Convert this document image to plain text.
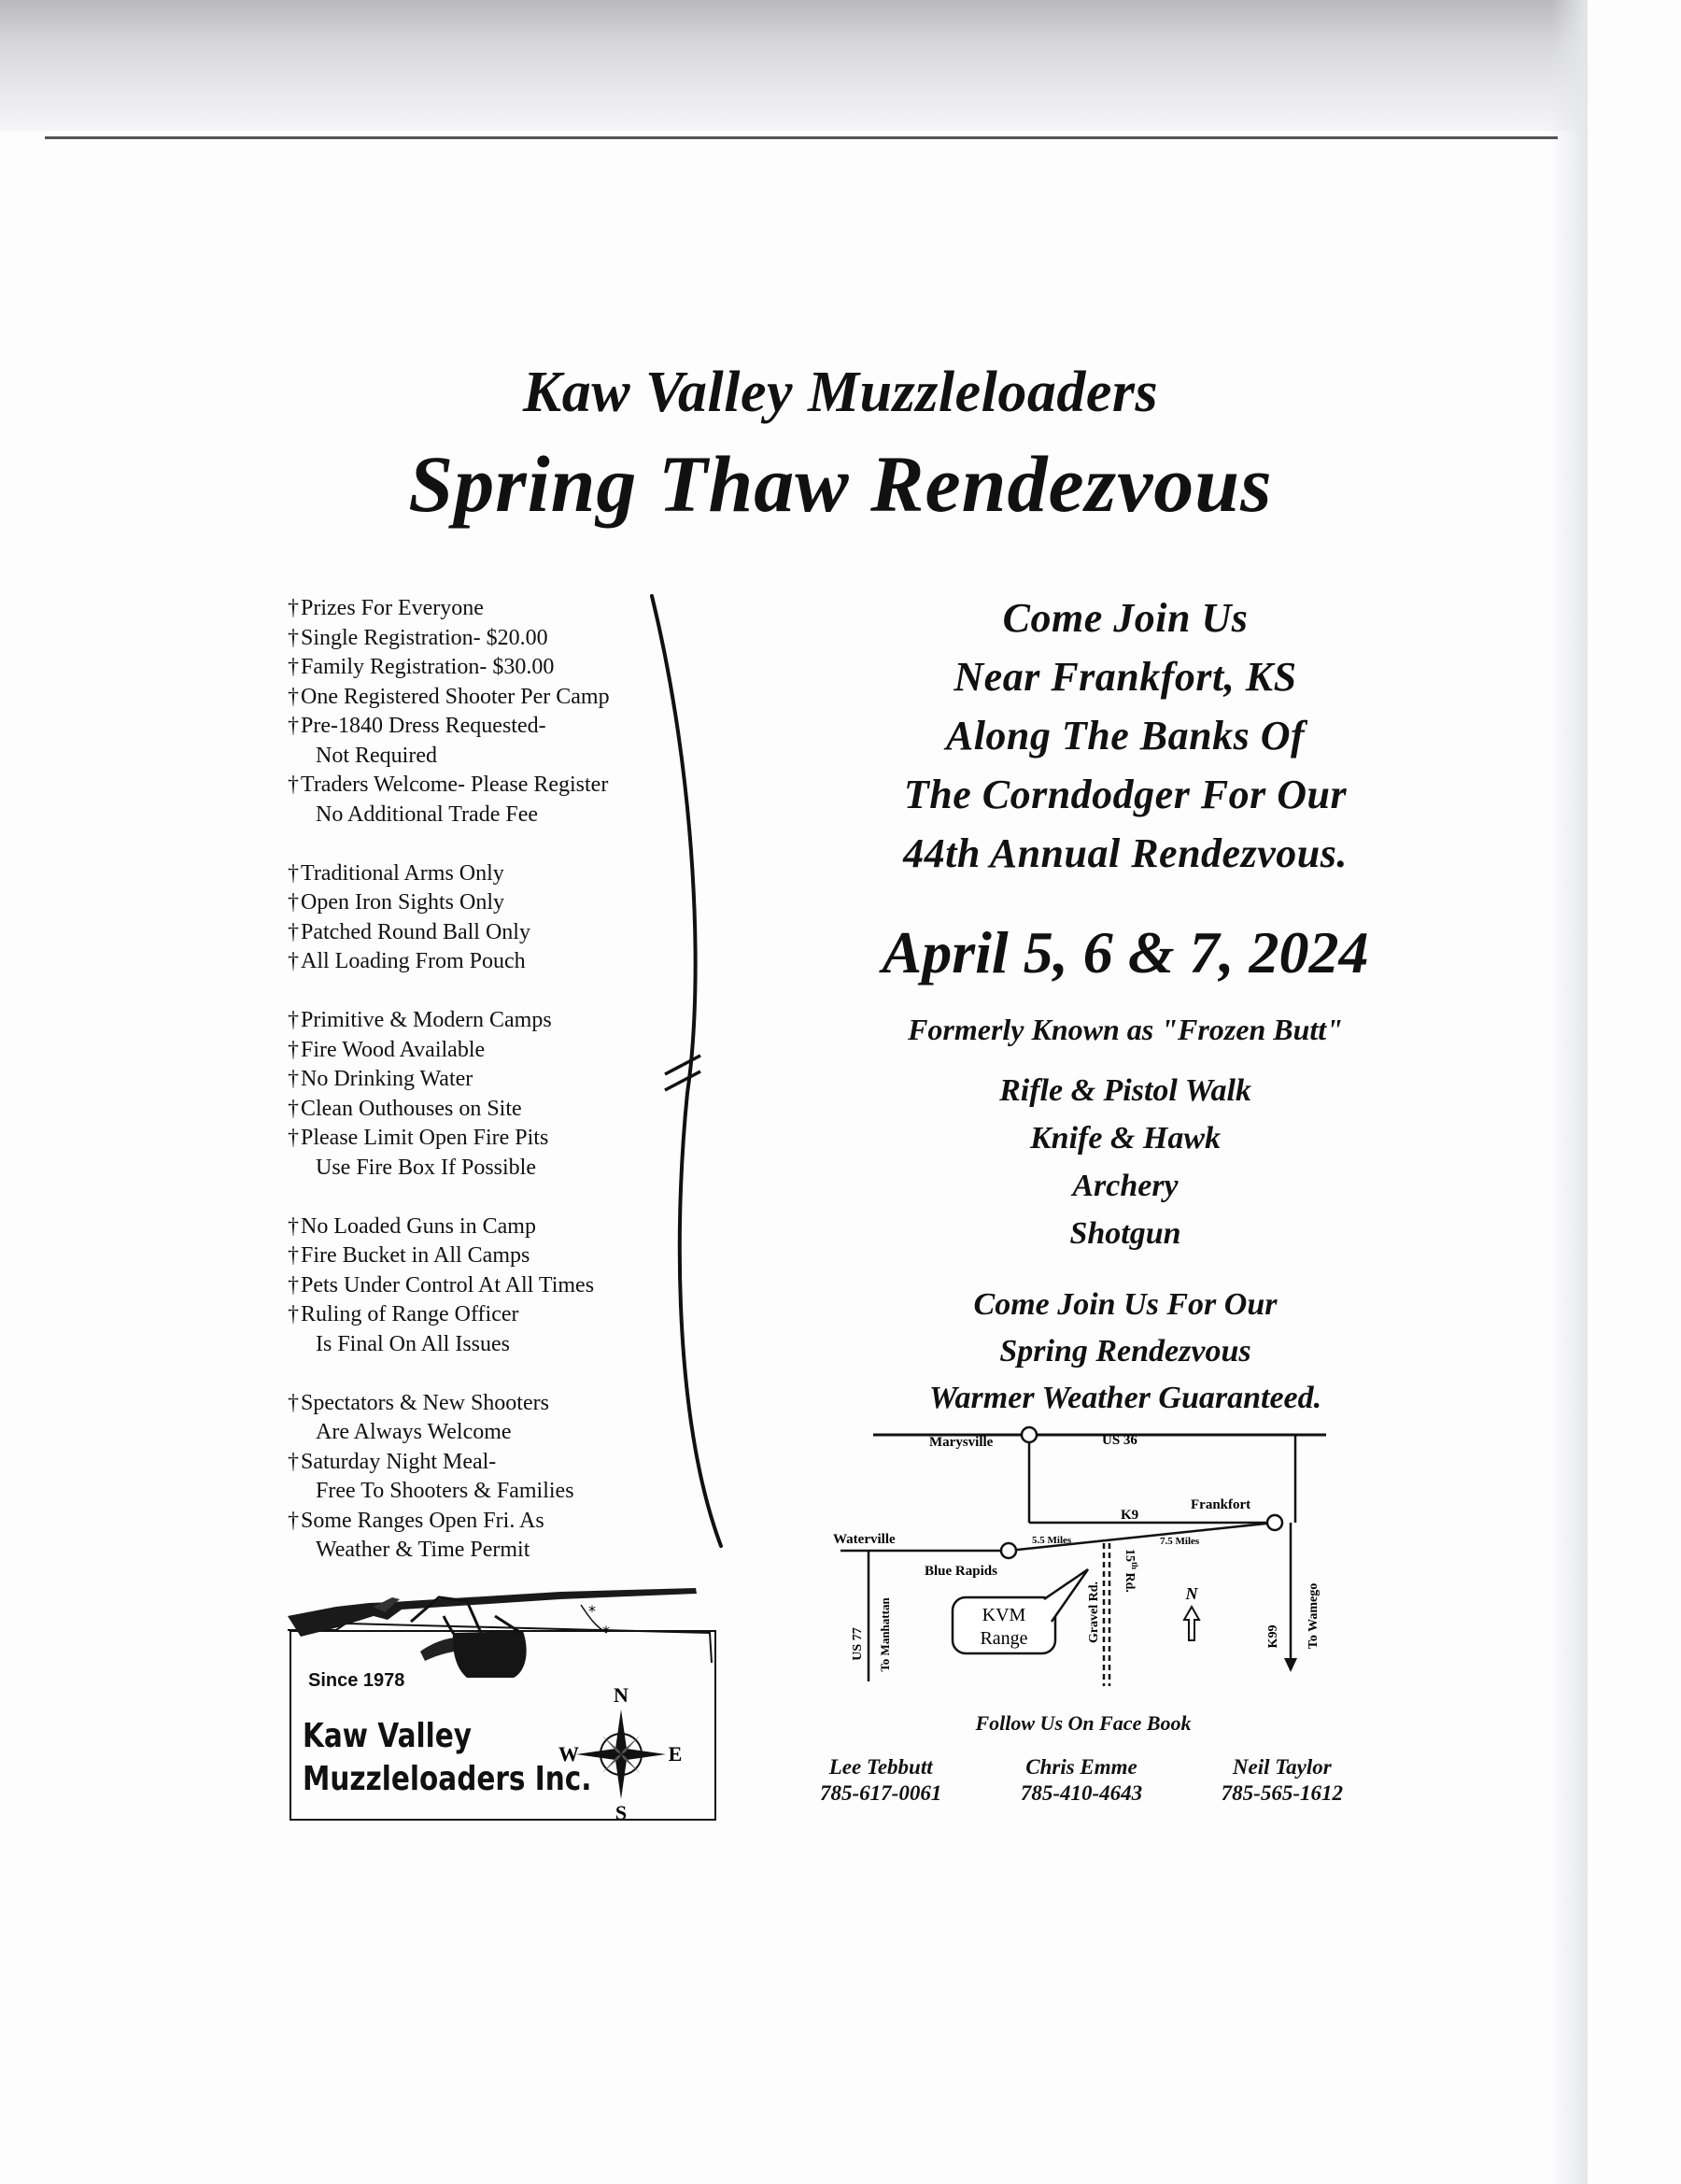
Kaw Valley Muzzleloaders
Spring Thaw Rendezvous
†Prizes For Everyone
†Single Registration- $20.00
†Family Registration- $30.00
†One Registered Shooter Per Camp
†Pre-1840 Dress Requested-
Not Required
†Traders Welcome- Please Register
No Additional Trade Fee
†Traditional Arms Only
†Open Iron Sights Only
†Patched Round Ball Only
†All Loading From Pouch
†Primitive & Modern Camps
†Fire Wood Available
†No Drinking Water
†Clean Outhouses on Site
†Please Limit Open Fire Pits
Use Fire Box If Possible
†No Loaded Guns in Camp
†Fire Bucket in All Camps
†Pets Under Control At All Times
†Ruling of Range Officer
Is Final On All Issues
†Spectators & New Shooters
Are Always Welcome
†Saturday Night Meal-
Free To Shooters & Families
†Some Ranges Open Fri. As
Weather & Time Permit
Come Join Us
Near Frankfort, KS
Along The Banks Of
The Corndodger For Our
44th Annual Rendezvous.
April 5, 6 & 7, 2024
Formerly Known as "Frozen Butt"
Rifle & Pistol Walk
Knife & Hawk
Archery
Shotgun
Come Join Us For Our
Spring Rendezvous
Warmer Weather Guaranteed.
KVM
Range
Marysville	US 36
K9
Frankfort
Waterville	5.5 Miles	7.5 Miles
Blue Rapids
15th Rd.
Gravel Rd.	N
K99 To Wamego
US 77 To Manhattan
Follow Us On Face Book
Lee Tebbutt
785-617-0061
Chris Emme
785-410-4643
Neil Taylor
785-565-1612
*
*
Since 1978
Kaw Valley
Muzzleloaders Inc.
N
E
S
W
